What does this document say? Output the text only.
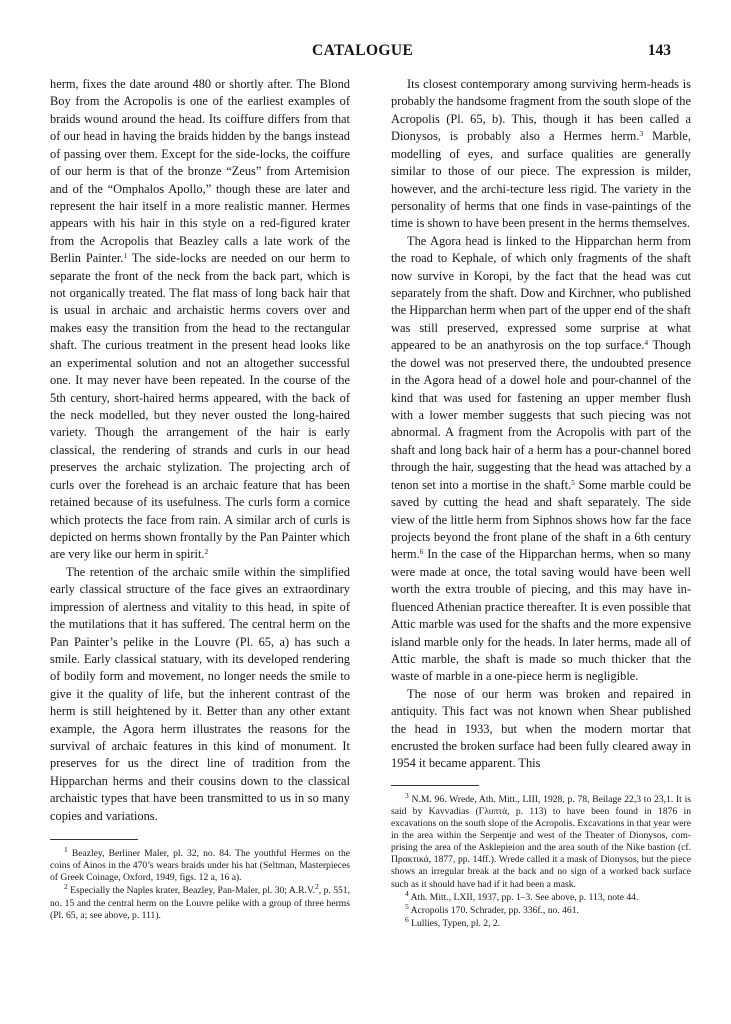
CATALOGUE	143

herm, fixes the date around 480 or shortly after. The Blond Boy from the Acropolis is one of the earliest examples of braids wound around the head. Its coiffure differs from that of our head in having the braids hidden by the bangs instead of passing over them. Except for the side-locks, the coiffure of our herm is that of the bronze “Zeus” from Artemision and of the “Omphalos Apollo,” though these are later and represent the hair itself in a more realistic manner. Hermes appears with his hair in this style on a red-figured krater from the Acropolis that Beazley calls a late work of the Berlin Painter.$^1$ The side-locks are needed on our herm to separate the front of the neck from the back part, which is not organically treated. The flat mass of long back hair that is usual in archaic and archaistic herms covers over and makes easy the transition from the head to the rectangular shaft. The curious treatment in the present head looks like an experimental solution and not an altogether successful one. It may never have been repeated. In the course of the 5th century, short-haired herms appeared, with the back of the neck modelled, but they never ousted the long-haired variety. Though the arrangement of the hair is early classical, the rendering of strands and curls in our head preserves the archaic stylization. The projecting arch of curls over the forehead is an archaic feature that has been retained because of its usefulness. The curls form a cornice which protects the face from rain. A similar arch of curls is depicted on herms shown frontally by the Pan Painter which are very like our herm in spirit.$^2$

The retention of the archaic smile within the simplified early classical structure of the face gives an extraordinary impression of alertness and vitality to this head, in spite of the mutilations that it has suffered. The central herm on the Pan Painter’s pelike in the Louvre (Pl. 65, a) has such a smile. Early classical statuary, with its developed rendering of bodily form and movement, no longer needs the smile to give it the quality of life, but the inherent contrast of the herm is still heightened by it. Better than any other extant example, the Agora herm illustrates the reasons for the survival of archaic features in this kind of monument. It preserves for us the direct line of tradition from the Hipparchan herms and their cousins down to the classical archaistic types that have been transmitted to us in so many copies and variations.

$^1$ Beazley, Berliner Maler, pl. 32, no. 84. The youthful Hermes on the coins of Ainos in the 470’s wears braids under his hat (Seltman, Masterpieces of Greek Coinage, Oxford, 1949, figs. 12 a, 16 a).

$^2$ Especially the Naples krater, Beazley, Pan-Maler, pl. 30; A.R.V.$^2$, p. 551, no. 15 and the central herm on the Louvre pelike with a group of three herms (Pl. 65, a; see above, p. 111).

Its closest contemporary among surviving herm-heads is probably the handsome fragment from the south slope of the Acropolis (Pl. 65, b). This, though it has been called a Dionysos, is probably also a Hermes herm.$^3$ Marble, modelling of eyes, and surface qualities are generally similar to those of our piece. The expression is milder, however, and the archi-tecture less rigid. The variety in the personality of herms that one finds in vase-paintings of the time is shown to have been present in the herms themselves.

The Agora head is linked to the Hipparchan herm from the road to Kephale, of which only fragments of the shaft now survive in Koropi, by the fact that the head was cut separately from the shaft. Dow and Kirchner, who published the Hipparchan herm when part of the upper end of the shaft was still preserved, expressed some surprise at what appeared to be an anathyrosis on the top surface.$^4$ Though the dowel was not preserved there, the undoubted presence in the Agora head of a dowel hole and pour-channel of the kind that was used for fastening an upper member flush with a lower member suggests that such piecing was not abnormal. A fragment from the Acropolis with part of the shaft and long back hair of a herm has a pour-channel bored through the hair, suggesting that the head was attached by a tenon set into a mortise in the shaft.$^5$ Some marble could be saved by cutting the head and shaft separately. The side view of the little herm from Siphnos shows how far the face projects beyond the front plane of the shaft in a 6th century herm.$^6$ In the case of the Hipparchan herms, when so many were made at once, the total saving would have been well worth the extra trouble of piecing, and this may have in-fluenced Athenian practice thereafter. It is even possible that Attic marble was used for the shafts and the more expensive island marble only for the heads. In later herms, made all of Attic marble, the shaft is made so much thicker that the waste of marble in a one-piece herm is negligible.

The nose of our herm was broken and repaired in antiquity. This fact was not known when Shear published the head in 1933, but when the modern mortar that encrusted the broken surface had been fully cleared away in 1954 it became apparent. This

$^3$ N.M. 96. Wrede, Ath. Mitt., LIII, 1928, p. 78, Beilage 22,3 to 23,1. It is said by Kavvadias (Γλυπτά, p. 113) to have been found in 1876 in excavations on the south slope of the Acropolis. Excavations in that year were in the area within the Serpentje and west of the Theater of Dionysos, com-prising the area of the Asklepieion and the area south of the Nike bastion (cf. Πρακτικά, 1877, pp. 14ff.). Wrede called it a mask of Dionysos, but the piece shows an irregular break at the back and no sign of a worked back surface such as it should have had if it had been a mask.

$^4$ Ath. Mitt., LXII, 1937, pp. 1–3. See above, p. 113, note 44.

$^5$ Acropolis 170. Schrader, pp. 336f., no. 461.

$^6$ Lullies, Typen, pl. 2, 2.
